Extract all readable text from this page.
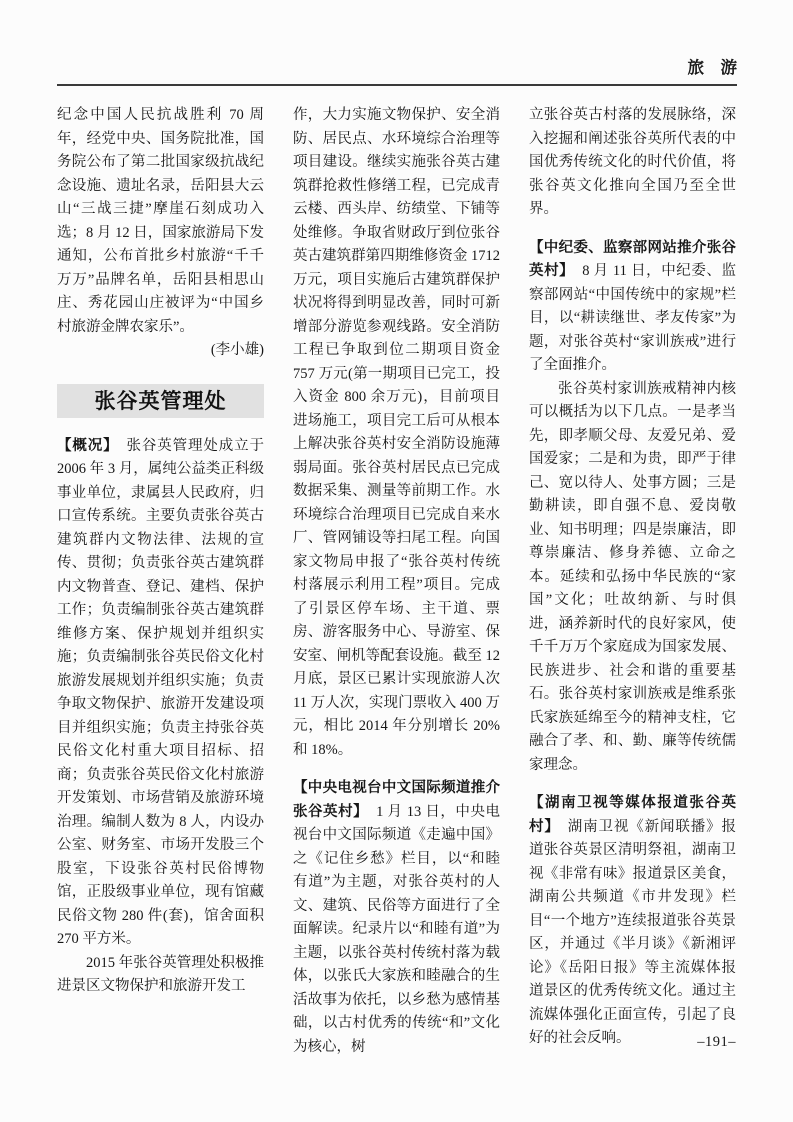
旅　游

纪念中国人民抗战胜利 70 周年，经党中央、国务院批准，国务院公布了第二批国家级抗战纪念设施、遗址名录，岳阳县大云山“三战三捷”摩崖石刻成功入选；8 月 12 日，国家旅游局下发通知，公布首批乡村旅游“千千万万”品牌名单，岳阳县相思山庄、秀花园山庄被评为“中国乡村旅游金牌农家乐”。

(李小雄)

张谷英管理处

【概况】 张谷英管理处成立于 2006 年 3 月，属纯公益类正科级事业单位，隶属县人民政府，归口宣传系统。主要负责张谷英古建筑群内文物法律、法规的宣传、贯彻；负责张谷英古建筑群内文物普查、登记、建档、保护工作；负责编制张谷英古建筑群维修方案、保护规划并组织实施；负责编制张谷英民俗文化村旅游发展规划并组织实施；负责争取文物保护、旅游开发建设项目并组织实施；负责主持张谷英民俗文化村重大项目招标、招商；负责张谷英民俗文化村旅游开发策划、市场营销及旅游环境治理。编制人数为 8 人，内设办公室、财务室、市场开发股三个股室，下设张谷英村民俗博物馆，正股级事业单位，现有馆藏民俗文物 280 件(套)，馆舍面积 270 平方米。

2015 年张谷英管理处积极推进景区文物保护和旅游开发工

作，大力实施文物保护、安全消防、居民点、水环境综合治理等项目建设。继续实施张谷英古建筑群抢救性修缮工程，已完成青云楼、西头岸、纺绩堂、下铺等处维修。争取省财政厅到位张谷英古建筑群第四期维修资金 1712 万元，项目实施后古建筑群保护状况将得到明显改善，同时可新增部分游览参观线路。安全消防工程已争取到位二期项目资金 757 万元(第一期项目已完工，投入资金 800 余万元)，目前项目进场施工，项目完工后可从根本上解决张谷英村安全消防设施薄弱局面。张谷英村居民点已完成数据采集、测量等前期工作。水环境综合治理项目已完成自来水厂、管网铺设等扫尾工程。向国家文物局申报了“张谷英村传统村落展示利用工程”项目。完成了引景区停车场、主干道、票房、游客服务中心、导游室、保安室、闸机等配套设施。截至 12 月底，景区已累计实现旅游人次 11 万人次，实现门票收入 400 万元，相比 2014 年分别增长 20%和 18%。

【中央电视台中文国际频道推介张谷英村】 1 月 13 日，中央电视台中文国际频道《走遍中国》之《记住乡愁》栏目，以“和睦有道”为主题，对张谷英村的人文、建筑、民俗等方面进行了全面解读。纪录片以“和睦有道”为主题，以张谷英村传统村落为载体，以张氏大家族和睦融合的生活故事为依托，以乡愁为感情基础，以古村优秀的传统“和”文化为核心，树

立张谷英古村落的发展脉络，深入挖掘和阐述张谷英所代表的中国优秀传统文化的时代价值，将张谷英文化推向全国乃至全世界。

【中纪委、监察部网站推介张谷英村】 8 月 11 日，中纪委、监察部网站“中国传统中的家规”栏目，以“耕读继世、孝友传家”为题，对张谷英村“家训族戒”进行了全面推介。

张谷英村家训族戒精神内核可以概括为以下几点。一是孝当先，即孝顺父母、友爱兄弟、爱国爱家；二是和为贵，即严于律己、宽以待人、处事方圆；三是勤耕读，即自强不息、爱岗敬业、知书明理；四是崇廉洁，即尊崇廉洁、修身养德、立命之本。延续和弘扬中华民族的“家国”文化；吐故纳新、与时俱进，涵养新时代的良好家风，使千千万万个家庭成为国家发展、民族进步、社会和谐的重要基石。张谷英村家训族戒是维系张氏家族延绵至今的精神支柱，它融合了孝、和、勤、廉等传统儒家理念。

【湖南卫视等媒体报道张谷英村】 湖南卫视《新闻联播》报道张谷英景区清明祭祖，湖南卫视《非常有味》报道景区美食，湖南公共频道《市井发现》栏目“一个地方”连续报道张谷英景区，并通过《半月谈》《新湘评论》《岳阳日报》等主流媒体报道景区的优秀传统文化。通过主流媒体强化正面宣传，引起了良好的社会反响。	–191–
